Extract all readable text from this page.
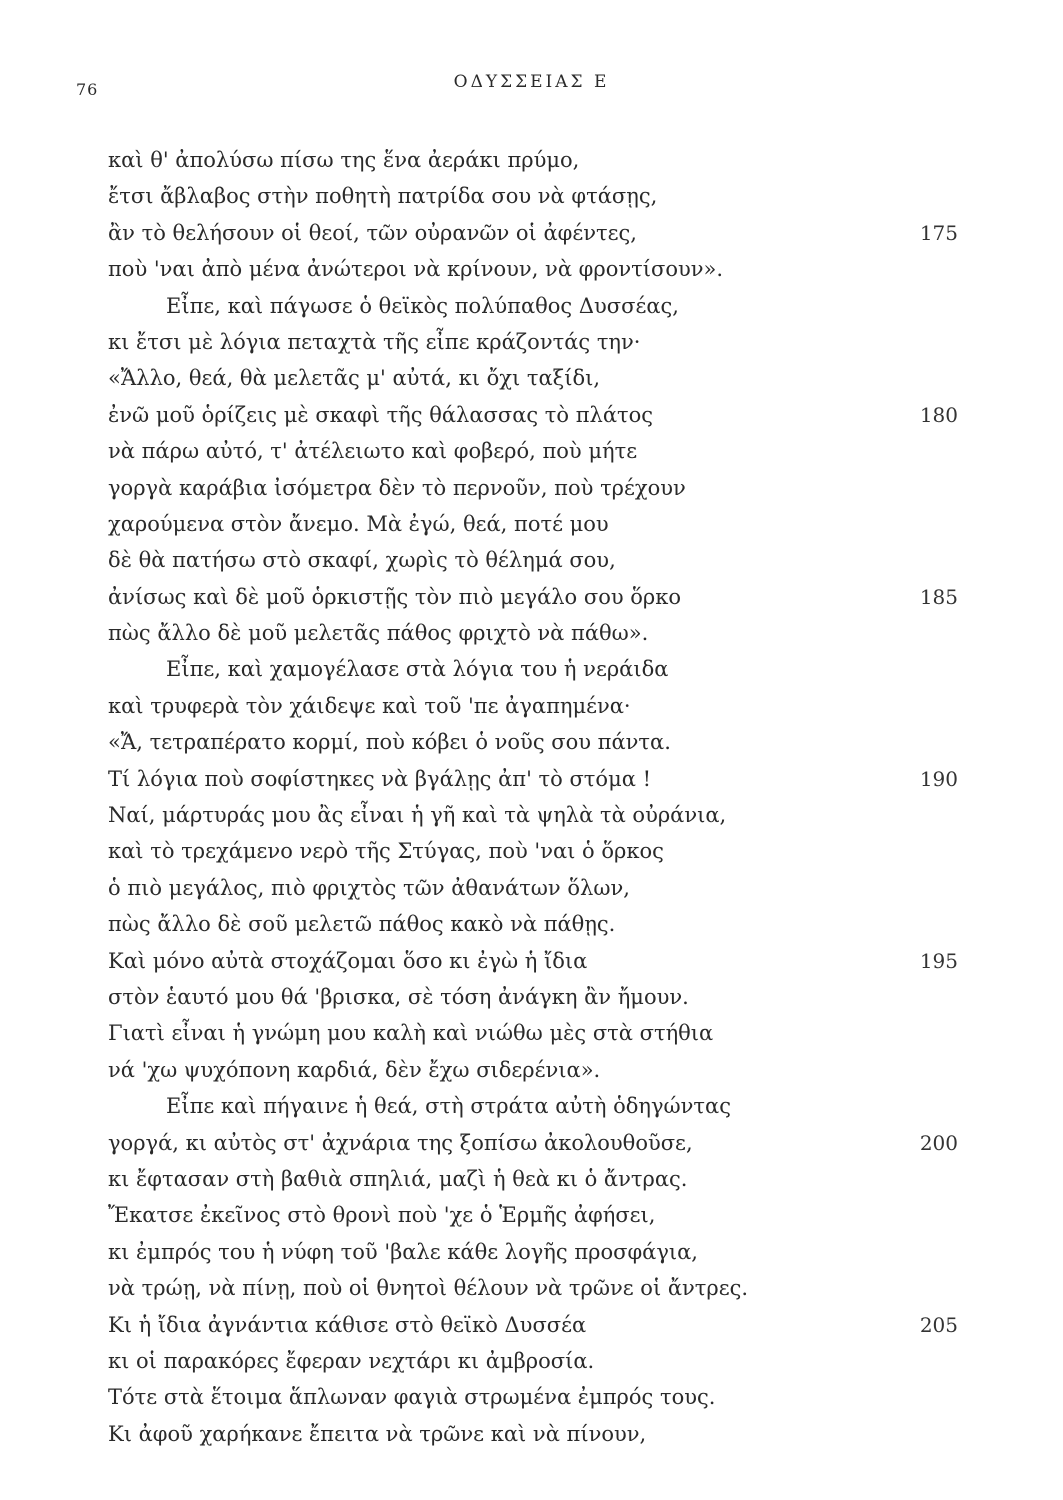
76	ΟΔΥΣΣΕΙΑΣ Ε
καὶ θ' ἀπολύσω πίσω της ἕνα ἀεράκι πρύμο,
ἔτσι ἄβλαβος στὴν ποθητὴ πατρίδα σου νὰ φτάσῃς,
ἂν τὸ θελήσουν οἱ θεοί, τῶν οὐρανῶν οἱ ἀφέντες,	175
ποὺ 'ναι ἀπὸ μένα ἀνώτεροι νὰ κρίνουν, νὰ φροντίσουν».
Εἶπε, καὶ πάγωσε ὁ θεϊκὸς πολύπαθος Δυσσέας,
κι ἔτσι μὲ λόγια πεταχτὰ τῆς εἶπε κράζοντάς την·
«Ἄλλο, θεά, θὰ μελετᾶς μ' αὐτά, κι ὄχι ταξίδι,
ἐνῶ μοῦ ὁρίζεις μὲ σκαφὶ τῆς θάλασσας τὸ πλάτος	180
νὰ πάρω αὐτό, τ' ἀτέλειωτο καὶ φοβερό, ποὺ μήτε
γοργὰ καράβια ἰσόμετρα δὲν τὸ περνοῦν, ποὺ τρέχουν
χαρούμενα στὸν ἄνεμο. Μὰ ἐγώ, θεά, ποτέ μου
δὲ θὰ πατήσω στὸ σκαφί, χωρὶς τὸ θέλημά σου,
ἀνίσως καὶ δὲ μοῦ ὁρκιστῇς τὸν πιὸ μεγάλο σου ὅρκο	185
πὼς ἄλλο δὲ μοῦ μελετᾶς πάθος φριχτὸ νὰ πάθω».
Εἶπε, καὶ χαμογέλασε στὰ λόγια του ἡ νεράιδα
καὶ τρυφερὰ τὸν χάιδεψε καὶ τοῦ 'πε ἀγαπημένα·
«Ἄ, τετραπέρατο κορμί, ποὺ κόβει ὁ νοῦς σου πάντα.
Τί λόγια ποὺ σοφίστηκες νὰ βγάλῃς ἀπ' τὸ στόμα !	190
Ναί, μάρτυράς μου ἂς εἶναι ἡ γῆ καὶ τὰ ψηλὰ τὰ οὐράνια,
καὶ τὸ τρεχάμενο νερὸ τῆς Στύγας, ποὺ 'ναι ὁ ὅρκος
ὁ πιὸ μεγάλος, πιὸ φριχτὸς τῶν ἀθανάτων ὅλων,
πὼς ἄλλο δὲ σοῦ μελετῶ πάθος κακὸ νὰ πάθῃς.
Καὶ μόνο αὐτὰ στοχάζομαι ὅσο κι ἐγὼ ἡ ἴδια	195
στὸν ἑαυτό μου θά 'βρισκα, σὲ τόση ἀνάγκη ἂν ἤμουν.
Γιατὶ εἶναι ἡ γνώμη μου καλὴ καὶ νιώθω μὲς στὰ στήθια
νά 'χω ψυχόπονη καρδιά, δὲν ἔχω σιδερένια».
Εἶπε καὶ πήγαινε ἡ θεά, στὴ στράτα αὐτὴ ὁδηγώντας
γοργά, κι αὐτὸς στ' ἀχνάρια της ξοπίσω ἀκολουθοῦσε,	200
κι ἔφτασαν στὴ βαθιὰ σπηλιά, μαζὶ ἡ θεὰ κι ὁ ἄντρας.
Ἔκατσε ἐκεῖνος στὸ θρονὶ ποὺ 'χε ὁ Ἑρμῆς ἀφήσει,
κι ἐμπρός του ἡ νύφη τοῦ 'βαλε κάθε λογῆς προσφάγια,
νὰ τρώῃ, νὰ πίνῃ, ποὺ οἱ θνητοὶ θέλουν νὰ τρῶνε οἱ ἄντρες.
Κι ἡ ἴδια ἀγνάντια κάθισε στὸ θεϊκὸ Δυσσέα	205
κι οἱ παρακόρες ἔφεραν νεχτάρι κι ἀμβροσία.
Τότε στὰ ἕτοιμα ἅπλωναν φαγιὰ στρωμένα ἐμπρός τους.
Κι ἀφοῦ χαρήκανε ἔπειτα νὰ τρῶνε καὶ νὰ πίνουν,
